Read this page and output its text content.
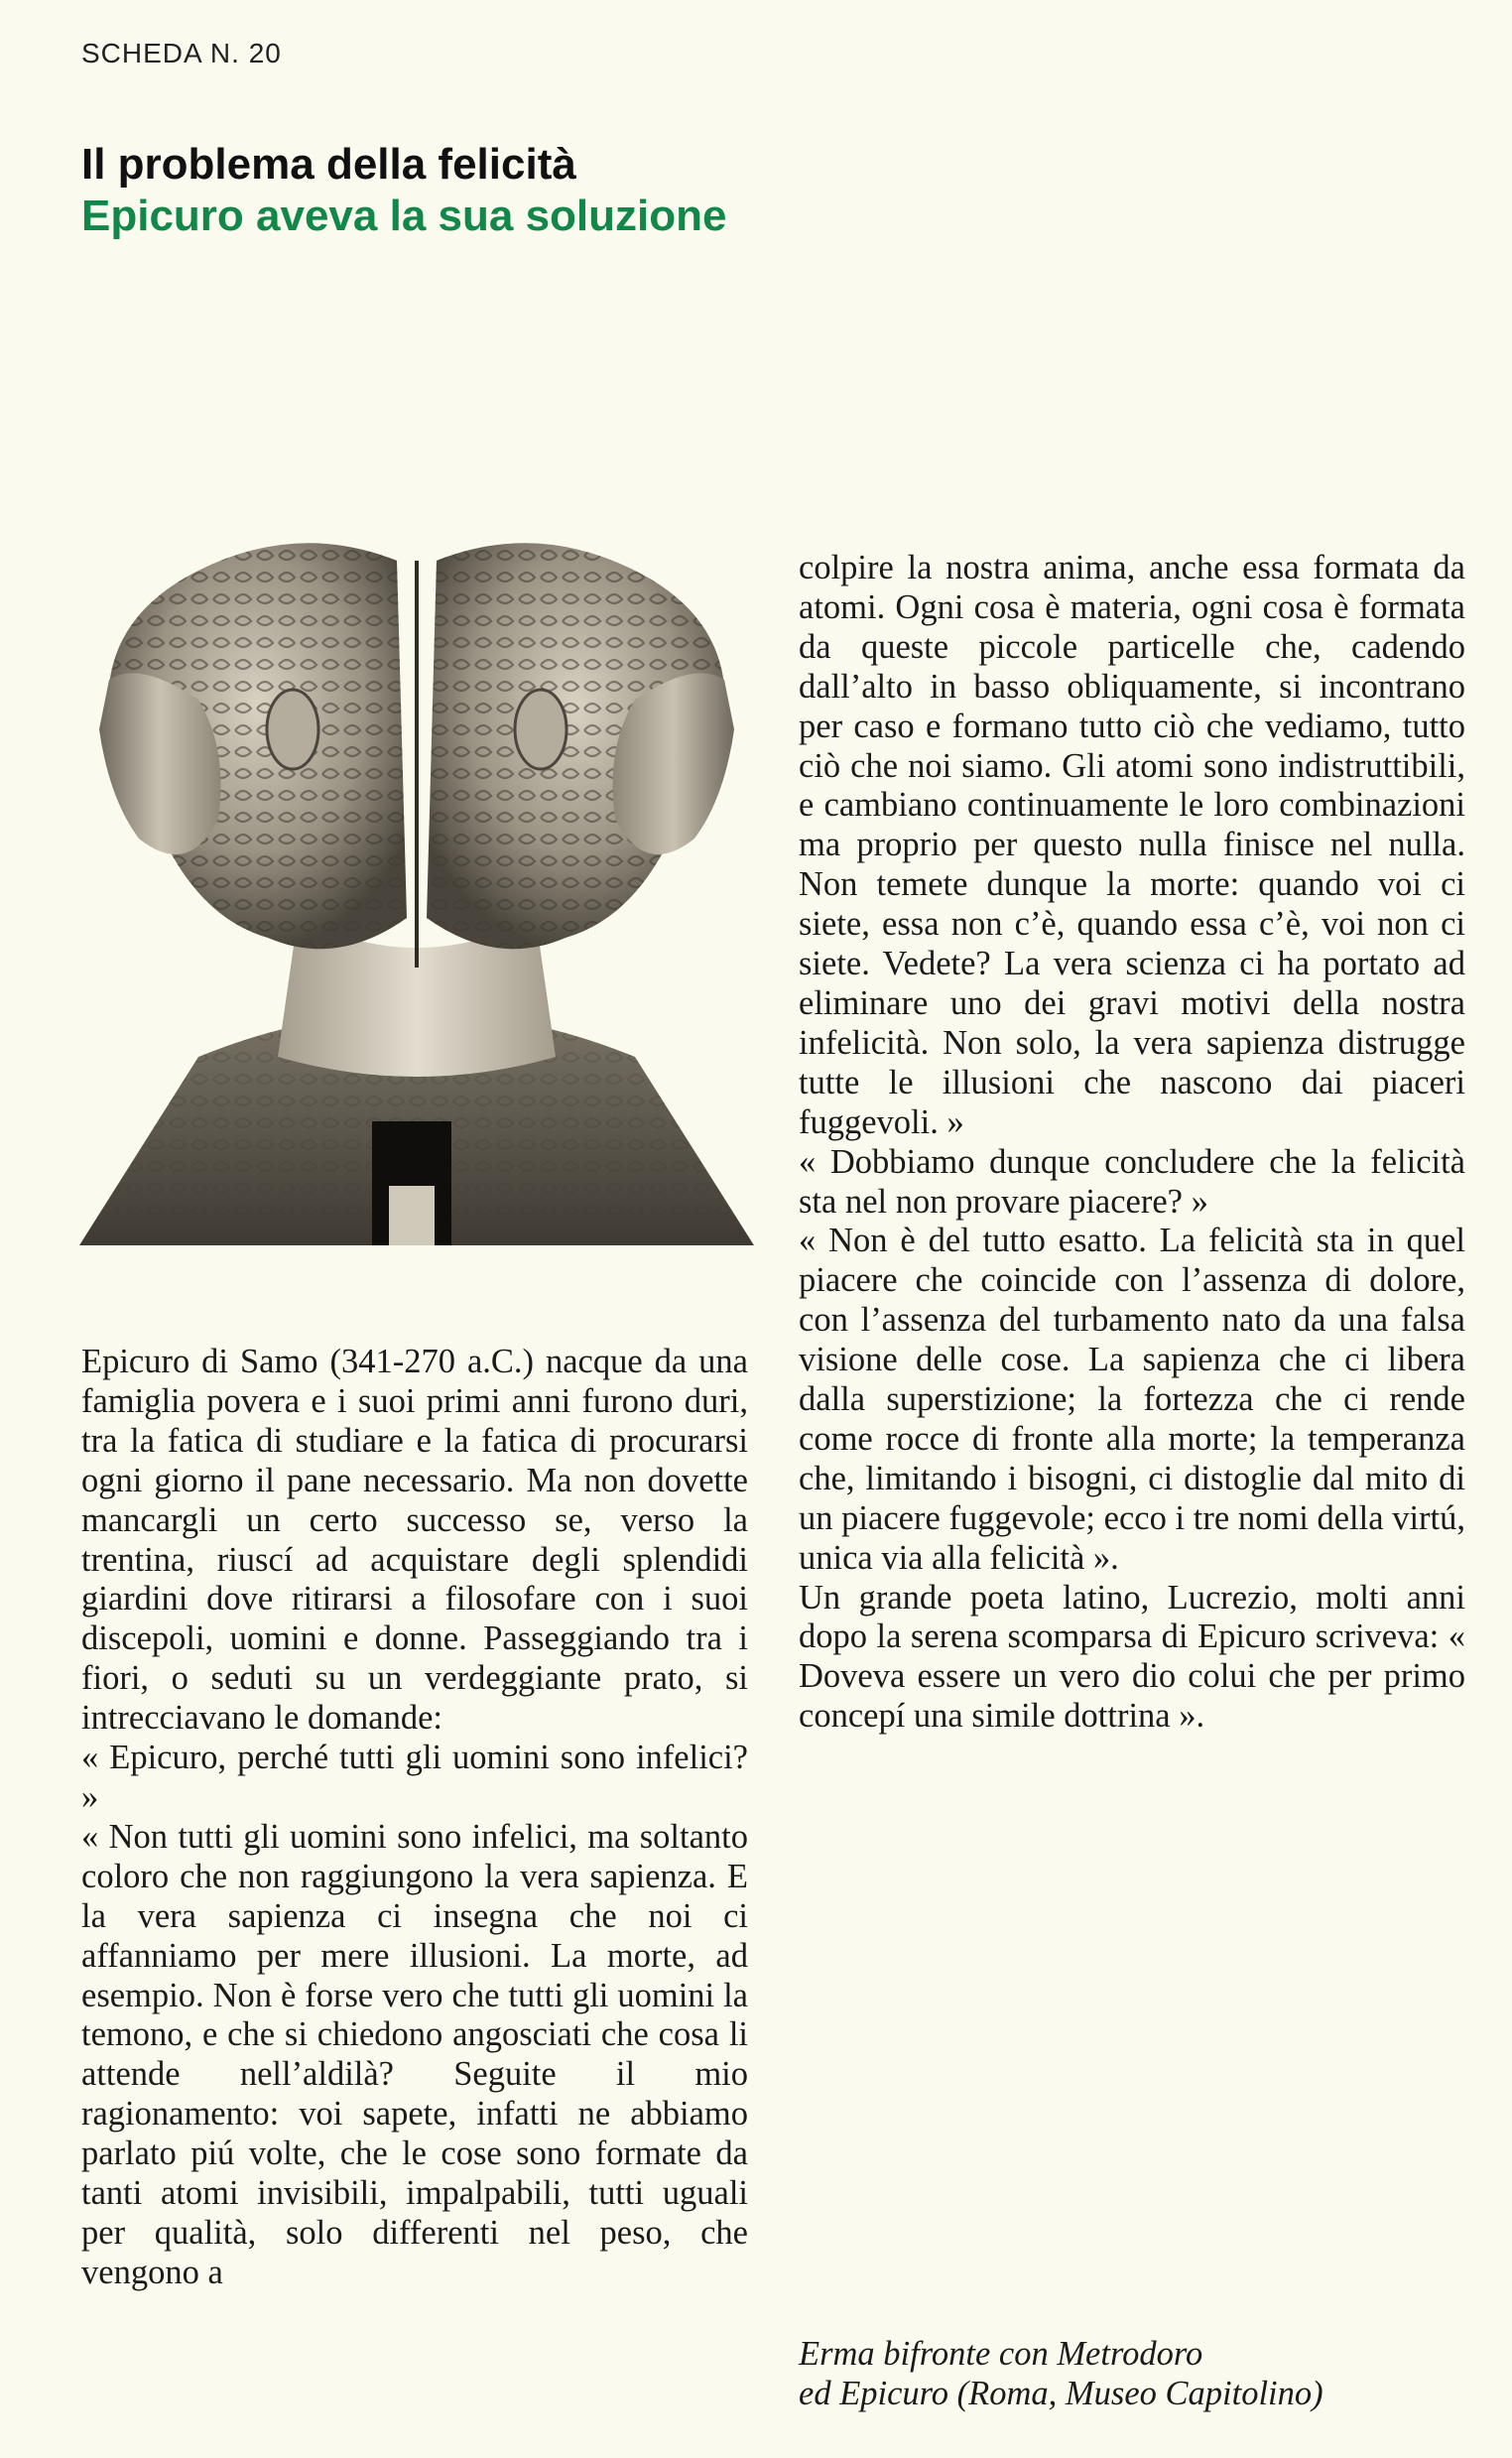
SCHEDA N. 20
Il problema della felicità
Epicuro aveva la sua soluzione

Epicuro di Samo (341-270 a.C.) nacque da una famiglia povera e i suoi primi anni furono duri, tra la fatica di studiare e la fatica di procurarsi ogni giorno il pane necessario. Ma non dovette mancargli un certo successo se, verso la trentina, riuscí ad acquistare degli splendidi giardini dove ritirarsi a filosofare con i suoi discepoli, uomini e donne. Passeggiando tra i fiori, o seduti su un verdeggiante prato, si intrecciavano le domande:

« Epicuro, perché tutti gli uomini sono infelici? »

« Non tutti gli uomini sono infelici, ma soltanto coloro che non raggiungono la vera sapienza. E la vera sapienza ci insegna che noi ci affanniamo per mere illusioni. La morte, ad esempio. Non è forse vero che tutti gli uomini la temono, e che si chiedono angosciati che cosa li attende nell’aldilà? Seguite il mio ragionamento: voi sapete, infatti ne abbiamo parlato piú volte, che le cose sono formate da tanti atomi invisibili, impalpabili, tutti uguali per qualità, solo differenti nel peso, che vengono a

colpire la nostra anima, anche essa formata da atomi. Ogni cosa è materia, ogni cosa è formata da queste piccole particelle che, cadendo dall’alto in basso obliquamente, si incontrano per caso e formano tutto ciò che vediamo, tutto ciò che noi siamo. Gli atomi sono indistruttibili, e cambiano continuamente le loro combinazioni ma proprio per questo nulla finisce nel nulla. Non temete dunque la morte: quando voi ci siete, essa non c’è, quando essa c’è, voi non ci siete. Vedete? La vera scienza ci ha portato ad eliminare uno dei gravi motivi della nostra infelicità. Non solo, la vera sapienza distrugge tutte le illusioni che nascono dai piaceri fuggevoli. »

« Dobbiamo dunque concludere che la felicità sta nel non provare piacere? »

« Non è del tutto esatto. La felicità sta in quel piacere che coincide con l’assenza di dolore, con l’assenza del turbamento nato da una falsa visione delle cose. La sapienza che ci libera dalla superstizione; la fortezza che ci rende come rocce di fronte alla morte; la temperanza che, limitando i bisogni, ci distoglie dal mito di un piacere fuggevole; ecco i tre nomi della virtú, unica via alla felicità ».

Un grande poeta latino, Lucrezio, molti anni dopo la serena scomparsa di Epicuro scriveva: « Doveva essere un vero dio colui che per primo concepí una simile dottrina ».

Erma bifronte con Metrodoro
ed Epicuro (Roma, Museo Capitolino)
